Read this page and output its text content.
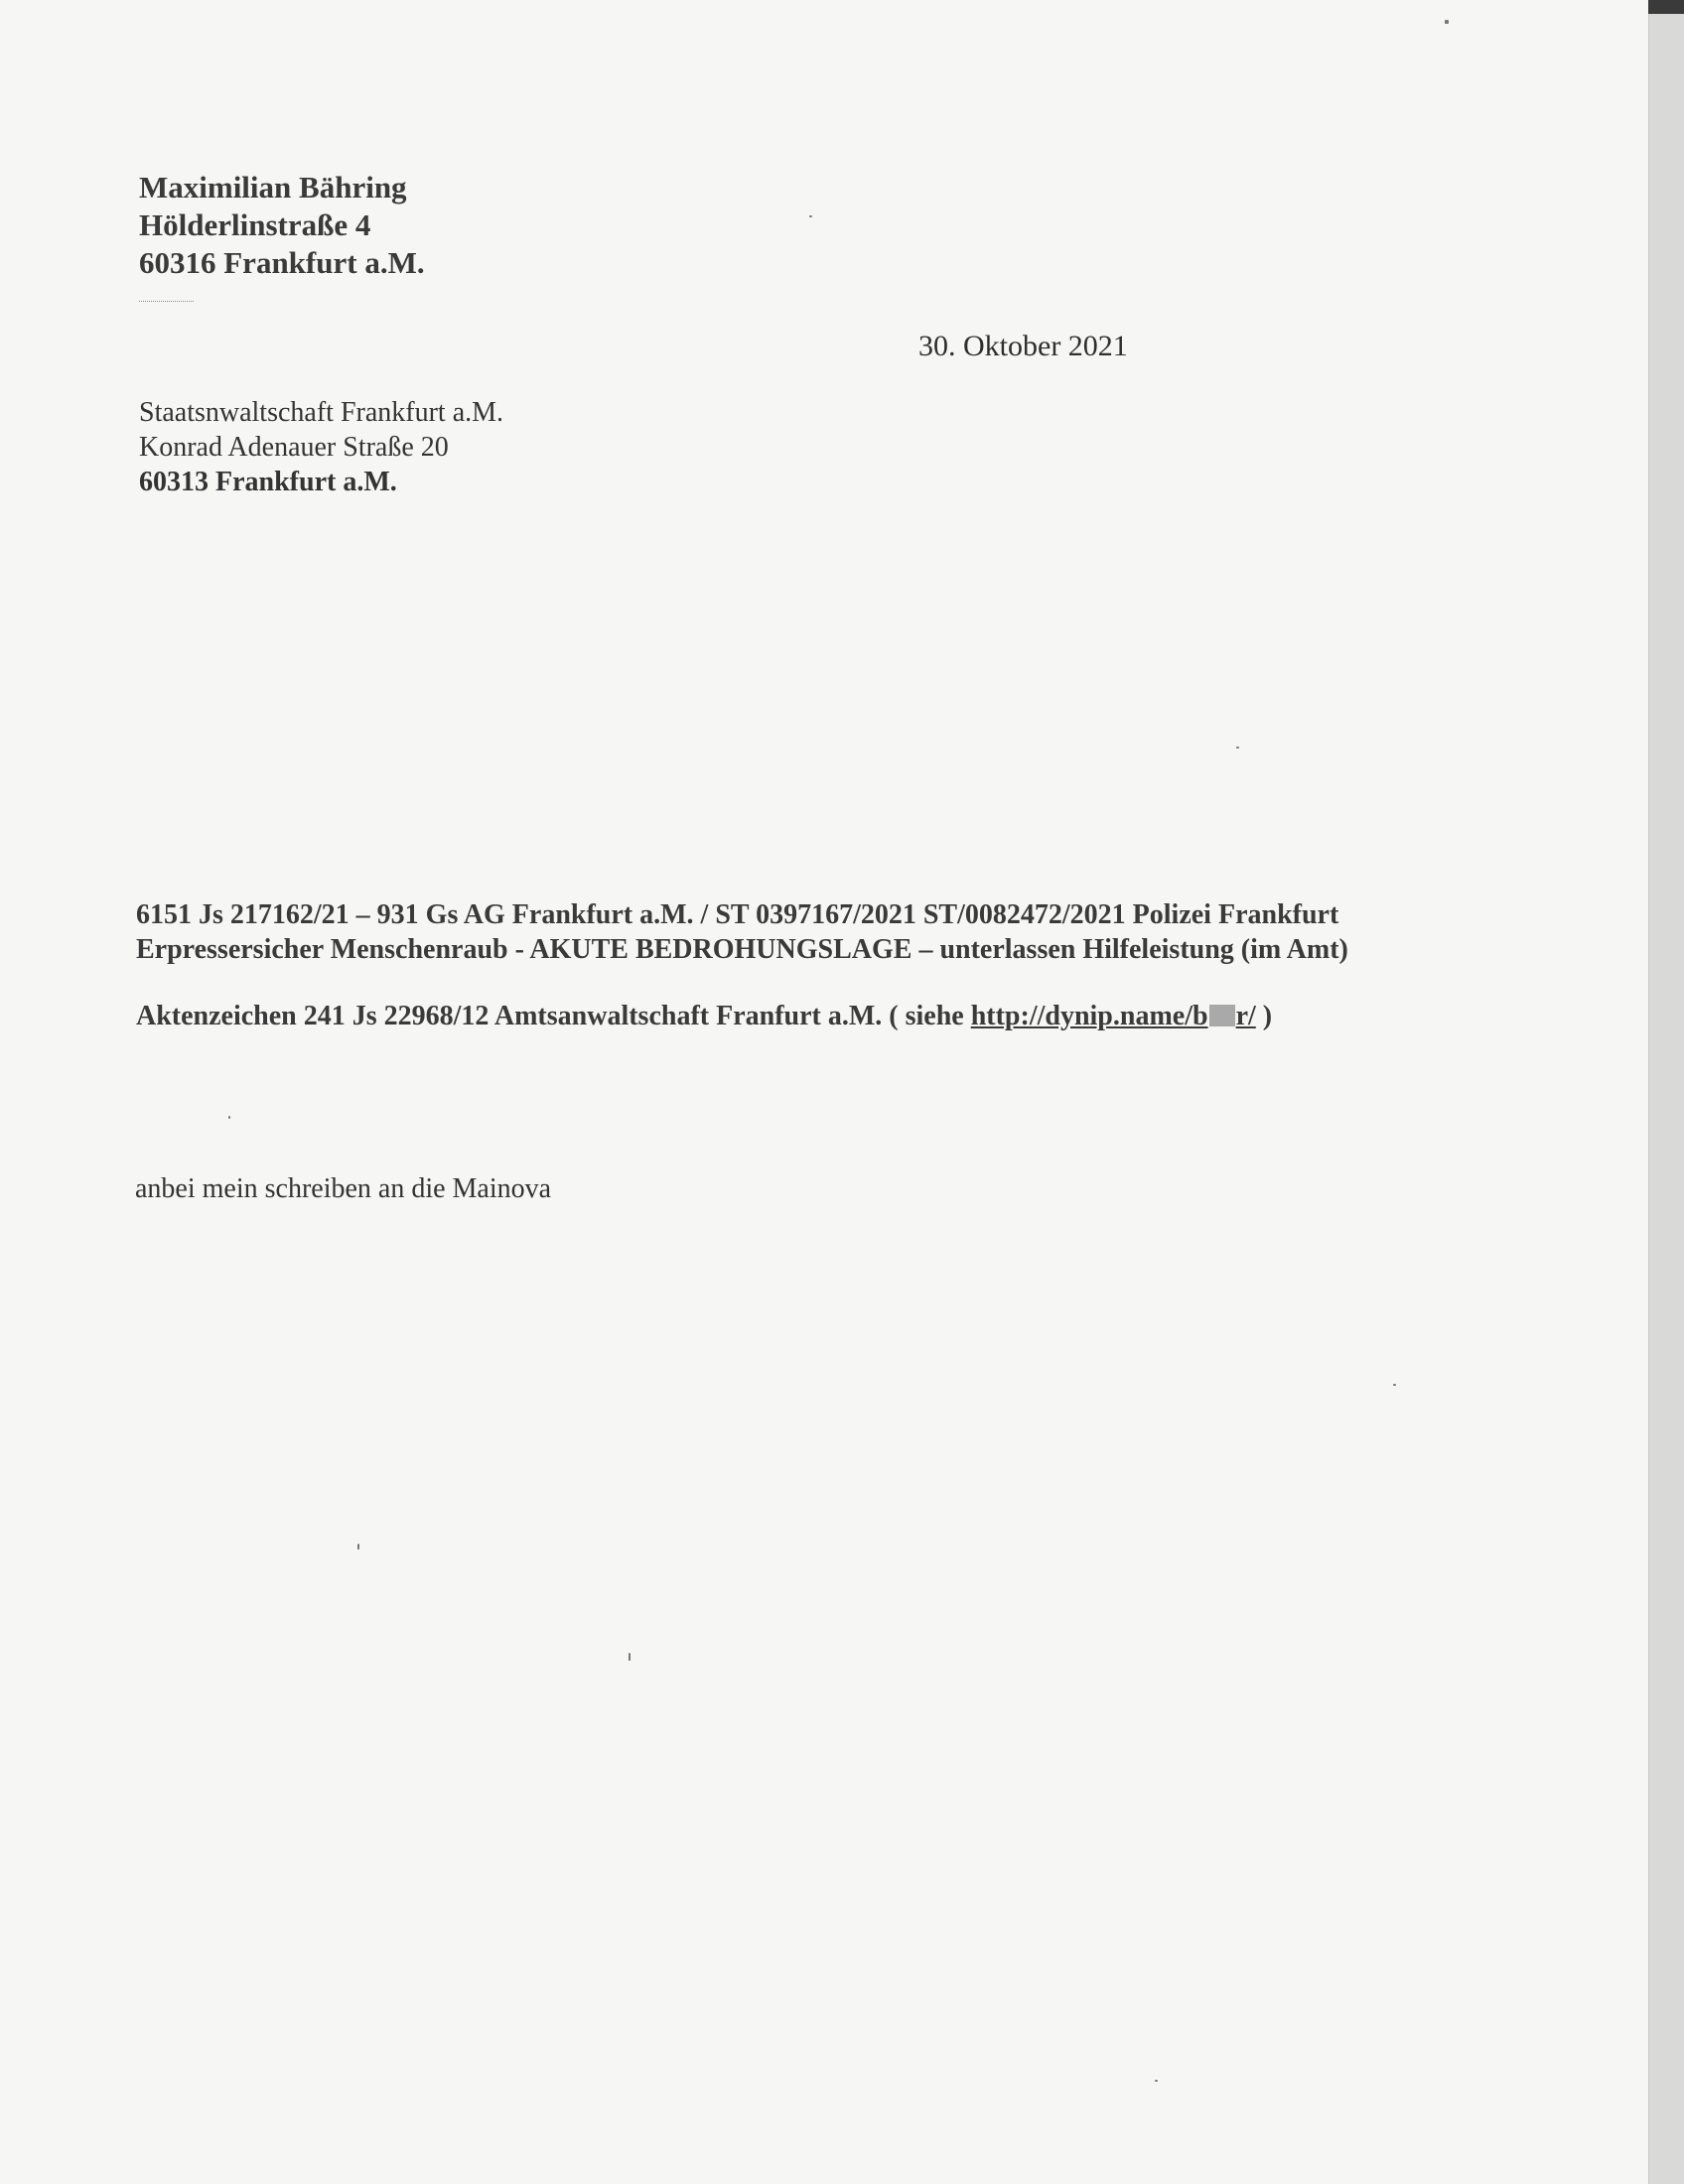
Maximilian Bähring

Hölderlinstraße 4

60316 Frankfurt a.M.

30. Oktober 2021

Staatsnwaltschaft Frankfurt a.M.

Konrad Adenauer Straße 20

60313 Frankfurt a.M.

6151 Js 217162/21 – 931 Gs AG Frankfurt a.M. / ST 0397167/2021 ST/0082472/2021 Polizei Frankfurt

Erpressersicher Menschenraub - AKUTE BEDROHUNGSLAGE – unterlassen Hilfeleistung (im Amt)

Aktenzeichen 241 Js 22968/12 Amtsanwaltschaft Franfurt a.M. ( siehe http://dynip.name/b r/ )
anbei mein schreiben an die Mainova
